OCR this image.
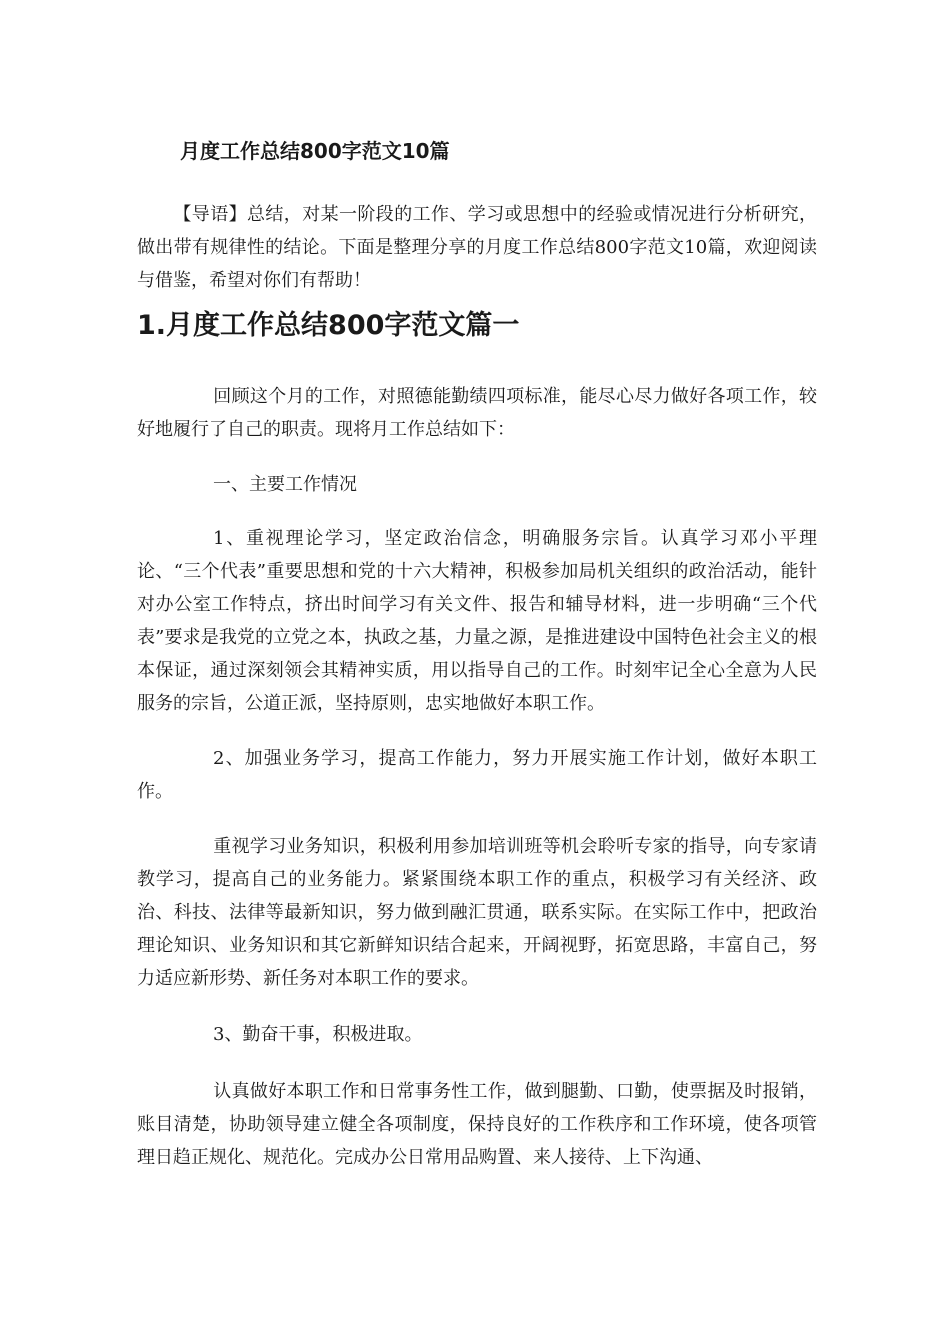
月度工作总结800字范文10篇

【导语】总结，对某一阶段的工作、学习或思想中的经验或情况进行分析研究，做出带有规律性的结论。下面是整理分享的月度工作总结800字范文10篇，欢迎阅读与借鉴，希望对你们有帮助！

1.月度工作总结800字范文篇一

回顾这个月的工作，对照德能勤绩四项标准，能尽心尽力做好各项工作，较好地履行了自己的职责。现将月工作总结如下：

一、主要工作情况

1、重视理论学习，坚定政治信念，明确服务宗旨。认真学习邓小平理论、“三个代表”重要思想和党的十六大精神，积极参加局机关组织的政治活动，能针对办公室工作特点，挤出时间学习有关文件、报告和辅导材料，进一步明确“三个代表”要求是我党的立党之本，执政之基，力量之源，是推进建设中国特色社会主义的根本保证，通过深刻领会其精神实质，用以指导自己的工作。时刻牢记全心全意为人民服务的宗旨，公道正派，坚持原则，忠实地做好本职工作。

2、加强业务学习，提高工作能力，努力开展实施工作计划，做好本职工作。

重视学习业务知识，积极利用参加培训班等机会聆听专家的指导，向专家请教学习，提高自己的业务能力。紧紧围绕本职工作的重点，积极学习有关经济、政治、科技、法律等最新知识，努力做到融汇贯通，联系实际。在实际工作中，把政治理论知识、业务知识和其它新鲜知识结合起来，开阔视野，拓宽思路，丰富自己，努力适应新形势、新任务对本职工作的要求。

3、勤奋干事，积极进取。

认真做好本职工作和日常事务性工作，做到腿勤、口勤，使票据及时报销，账目清楚，协助领导建立健全各项制度，保持良好的工作秩序和工作环境，使各项管理日趋正规化、规范化。完成办公日常用品购置、来人接待、上下沟通、
